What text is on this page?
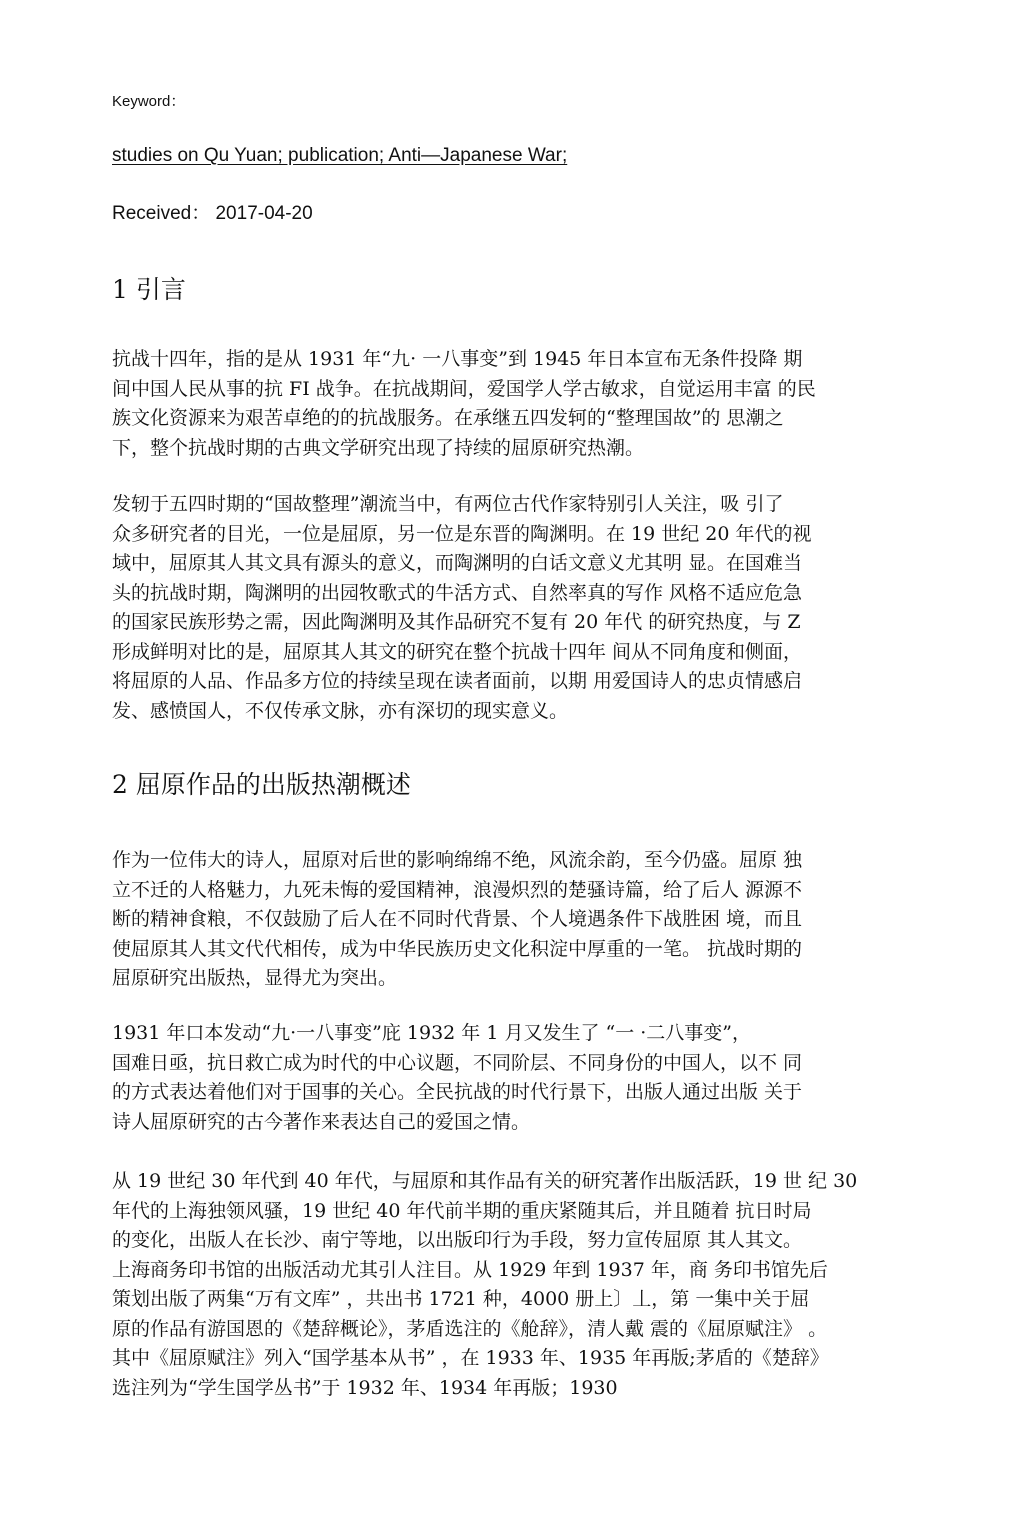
Keyword：
studies on Qu Yuan; publication; Anti—Japanese War;
Received： 2017-04-20
1 引言

抗战十四年，指的是从 1931 年“九· 一八事变”到 1945 年日本宣布无条件投降 期
间中国人民从事的抗 FI 战争。在抗战期间，爱国学人学古敏求，自觉运用丰富 的民
族文化资源来为艰苦卓绝的的抗战服务。在承继五四发轲的“整理国故”的 思潮之
下，整个抗战时期的古典文学研究出现了持续的屈原研究热潮。

发轫于五四时期的“国故整理”潮流当中，有两位古代作家特别引人关注，吸 引了
众多研究者的目光，一位是屈原，另一位是东晋的陶渊明。在 19 世纪 20 年代的视
域中，屈原其人其文具有源头的意义，而陶渊明的白话文意义尤其明 显。在国难当
头的抗战时期，陶渊明的出园牧歌式的牛活方式、自然率真的写作 风格不适应危急
的国家民族形势之需，因此陶渊明及其作品研究不复有 20 年代 的研究热度，与 Z
形成鲜明对比的是，屈原其人其文的研究在整个抗战十四年 间从不同角度和侧面，
将屈原的人品、作品多方位的持续呈现在读者面前，以期 用爱国诗人的忠贞情感启
发、感愤国人，不仅传承文脉，亦有深切的现实意义。

2 屈原作品的出版热潮概述

作为一位伟大的诗人，屈原对后世的影响绵绵不绝，风流余韵，至今仍盛。屈原 独
立不迁的人格魅力，九死未悔的爱国精神，浪漫炽烈的楚骚诗篇，给了后人 源源不
断的精神食粮，不仅鼓励了后人在不同时代背景、个人境遇条件下战胜困 境，而且
使屈原其人其文代代相传，成为中华民族历史文化积淀中厚重的一笔。 抗战时期的
屈原研究出版热，显得尤为突出。

1931 年口本发动“九·一八事变”庇 1932 年 1 月又发生了 “一 ·二八事变”，
国难日亟，抗日救亡成为时代的中心议题，不同阶层、不同身份的中国人，以不 同
的方式表达着他们对于国事的关心。全民抗战的时代行景下，出版人通过出版 关于
诗人屈原研究的古今著作来表达自己的爱国之情。

从 19 世纪 30 年代到 40 年代，与屈原和其作品有关的研究著作出版活跃，19 世 纪 30
年代的上海独领风骚，19 世纪 40 年代前半期的重庆紧随其后，并且随着 抗日时局
的变化，出版人在长沙、南宁等地，以出版印行为手段，努力宣传屈原 其人其文。
上海商务印书馆的出版活动尤其引人注目。从 1929 年到 1937 年，商 务印书馆先后
策划出版了两集“万有文库” ，共出书 1721 种，4000 册上〕丄，第 一集中关于屈
原的作品有游国恩的《楚辞概论》，茅盾选注的《舱辞》，清人戴 震的《屈原赋注》 。
其中《屈原赋注》列入“国学基本从书” ，在 1933 年、1935 年再版;茅盾的《楚辞》
选注列为“学生国学丛书”于 1932 年、1934 年再版；1930
